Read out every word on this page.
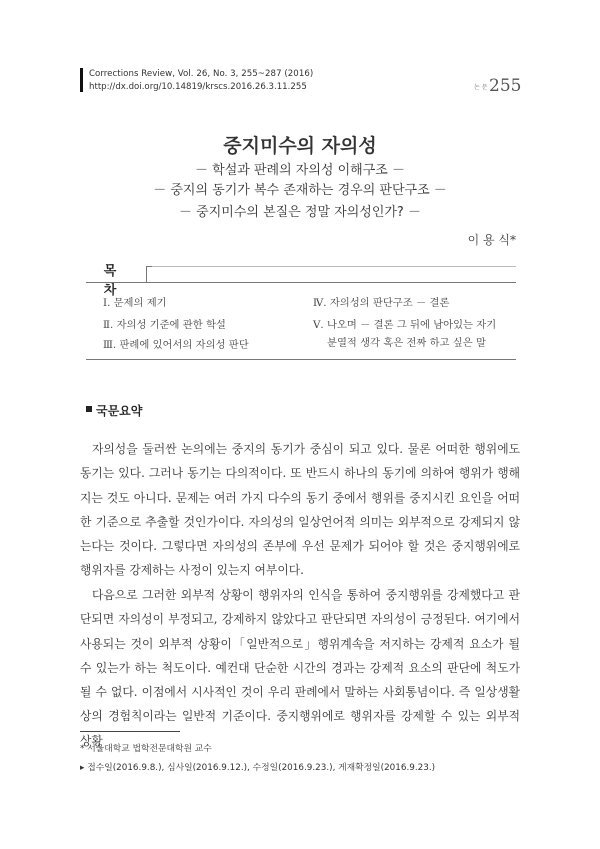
Corrections Review, Vol. 26, No. 3, 255~287 (2016)
http://dx.doi.org/10.14819/krscs.2016.26.3.11.255	논 문 255
중지미수의 자의성
－ 학설과 판례의 자의성 이해구조 －
－ 중지의 동기가 복수 존재하는 경우의 판단구조 －
－ 중지미수의 본질은 정말 자의성인가? －
이 용 식*
목 차
Ⅰ. 문제의 제기
Ⅱ. 자의성 기준에 관한 학설
Ⅲ. 판례에 있어서의 자의성 판단
Ⅳ. 자의성의 판단구조 － 결론
Ⅴ. 나오며 － 결론 그 뒤에 남아있는 자기
분열적 생각 혹은 전짜 하고 싶은 말
국문요약
자의성을 둘러싼 논의에는 중지의 동기가 중심이 되고 있다. 물론 어떠한 행위에도 동기는 있다. 그러나 동기는 다의적이다. 또 반드시 하나의 동기에 의하여 행위가 행해지는 것도 아니다. 문제는 여러 가지 다수의 동기 중에서 행위를 중지시킨 요인을 어떠한 기준으로 추출할 것인가이다. 자의성의 일상언어적 의미는 외부적으로 강제되지 않는다는 것이다. 그렇다면 자의성의 존부에 우선 문제가 되어야 할 것은 중지행위에로 행위자를 강제하는 사정이 있는지 여부이다.
다음으로 그러한 외부적 상황이 행위자의 인식을 통하여 중지행위를 강제했다고 판단되면 자의성이 부정되고, 강제하지 않았다고 판단되면 자의성이 긍정된다. 여기에서 사용되는 것이 외부적 상황이「일반적으로」행위계속을 저지하는 강제적 요소가 될 수 있는가 하는 척도이다. 예컨대 단순한 시간의 경과는 강제적 요소의 판단에 척도가 될 수 없다. 이점에서 시사적인 것이 우리 판례에서 말하는 사회통념이다. 즉 일상생활상의 경험칙이라는 일반적 기준이다. 중지행위에로 행위자를 강제할 수 있는 외부적 상황
* 서울대학교 법학전문대학원 교수
▸ 접수일(2016.9.8.), 심사일(2016.9.12.), 수정일(2016.9.23.), 게재확정일(2016.9.23.)
